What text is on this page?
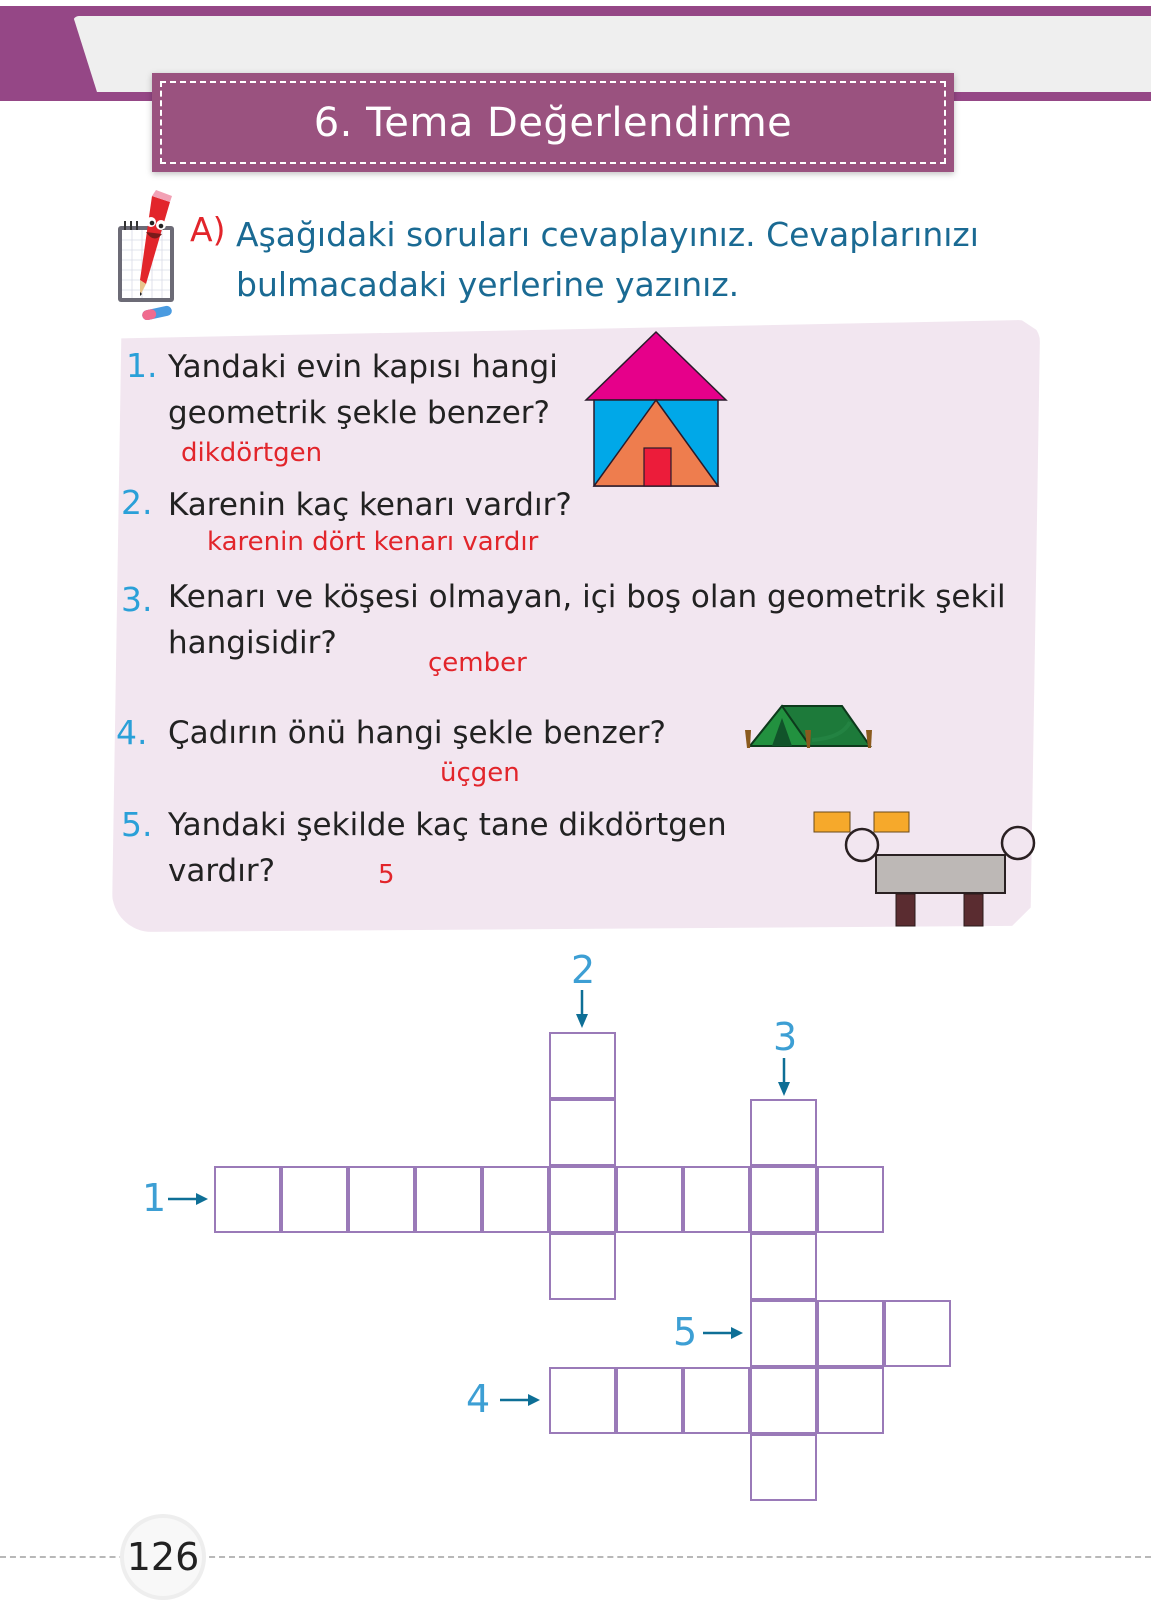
6. Tema Değerlendirme
A) Aşağıdaki soruları cevaplayınız. Cevaplarınızı
bulmacadaki yerlerine yazınız.
1. Yandaki evin kapısı hangi
geometrik şekle benzer?
dikdörtgen
2. Karenin kaç kenarı vardır?
karenin dört kenarı vardır
3. Kenarı ve köşesi olmayan, içi boş olan geometrik şekil
hangisidir?
çember
4. Çadırın önü hangi şekle benzer?
üçgen
5. Yandaki şekilde kaç tane dikdörtgen
vardır?	5
1
2
3
5
4
126
